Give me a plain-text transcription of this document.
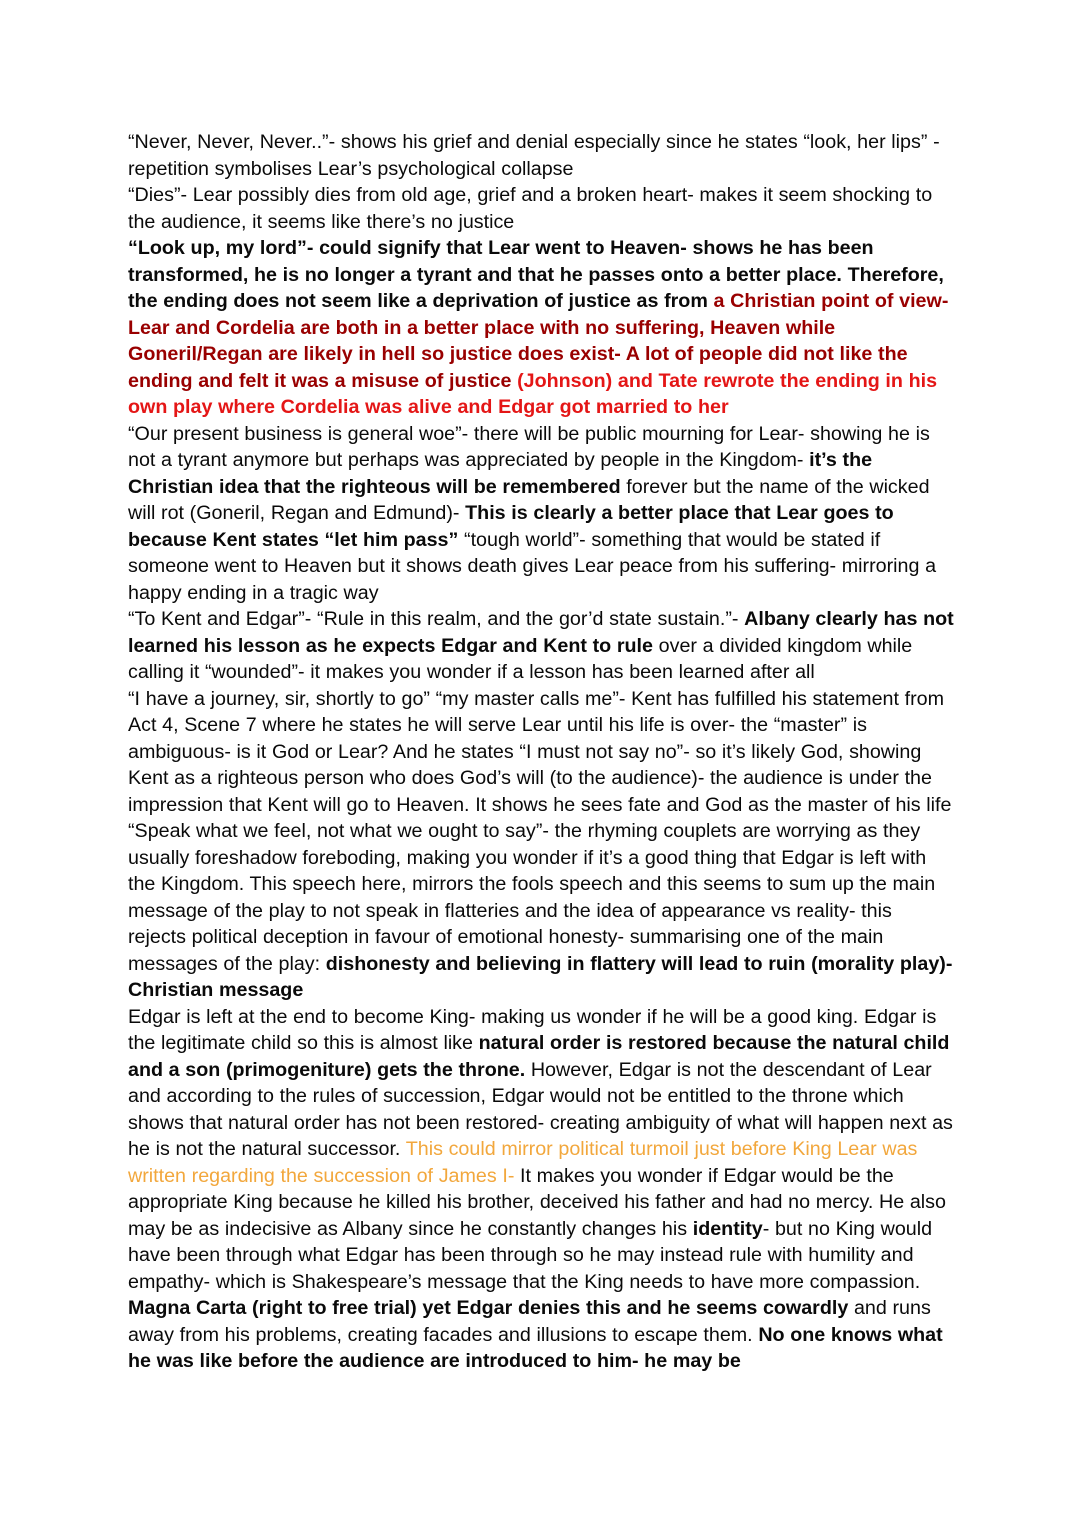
“Never, Never, Never..”- shows his grief and denial especially since he states “look, her lips” - repetition symbolises Lear’s psychological collapse

“Dies”- Lear possibly dies from old age, grief and a broken heart- makes it seem shocking to the audience, it seems like there’s no justice

“Look up, my lord”- could signify that Lear went to Heaven- shows he has been transformed, he is no longer a tyrant and that he passes onto a better place. Therefore, the ending does not seem like a deprivation of justice as from a Christian point of view- Lear and Cordelia are both in a better place with no suffering, Heaven while Goneril/Regan are likely in hell so justice does exist- A lot of people did not like the ending and felt it was a misuse of justice (Johnson) and Tate rewrote the ending in his own play where Cordelia was alive and Edgar got married to her

“Our present business is general woe”- there will be public mourning for Lear- showing he is not a tyrant anymore but perhaps was appreciated by people in the Kingdom- it’s the Christian idea that the righteous will be remembered forever but the name of the wicked will rot (Goneril, Regan and Edmund)- This is clearly a better place that Lear goes to because Kent states “let him pass” “tough world”- something that would be stated if someone went to Heaven but it shows death gives Lear peace from his suffering- mirroring a happy ending in a tragic way

“To Kent and Edgar”- “Rule in this realm, and the gor’d state sustain.”- Albany clearly has not learned his lesson as he expects Edgar and Kent to rule over a divided kingdom while calling it “wounded”- it makes you wonder if a lesson has been learned after all

“I have a journey, sir, shortly to go” “my master calls me”- Kent has fulfilled his statement from Act 4, Scene 7 where he states he will serve Lear until his life is over- the “master” is ambiguous- is it God or Lear? And he states “I must not say no”- so it’s likely God, showing Kent as a righteous person who does God’s will (to the audience)- the audience is under the impression that Kent will go to Heaven. It shows he sees fate and God as the master of his life

“Speak what we feel, not what we ought to say”- the rhyming couplets are worrying as they usually foreshadow foreboding, making you wonder if it’s a good thing that Edgar is left with the Kingdom. This speech here, mirrors the fools speech and this seems to sum up the main message of the play to not speak in flatteries and the idea of appearance vs reality- this rejects political deception in favour of emotional honesty- summarising one of the main messages of the play: dishonesty and believing in flattery will lead to ruin (morality play)- Christian message

Edgar is left at the end to become King- making us wonder if he will be a good king. Edgar is the legitimate child so this is almost like natural order is restored because the natural child and a son (primogeniture) gets the throne. However, Edgar is not the descendant of Lear and according to the rules of succession, Edgar would not be entitled to the throne which shows that natural order has not been restored- creating ambiguity of what will happen next as he is not the natural successor. This could mirror political turmoil just before King Lear was written regarding the succession of James I- It makes you wonder if Edgar would be the appropriate King because he killed his brother, deceived his father and had no mercy. He also may be as indecisive as Albany since he constantly changes his identity- but no King would have been through what Edgar has been through so he may instead rule with humility and empathy- which is Shakespeare’s message that the King needs to have more compassion. Magna Carta (right to free trial) yet Edgar denies this and he seems cowardly and runs away from his problems, creating facades and illusions to escape them. No one knows what he was like before the audience are introduced to him- he may be
